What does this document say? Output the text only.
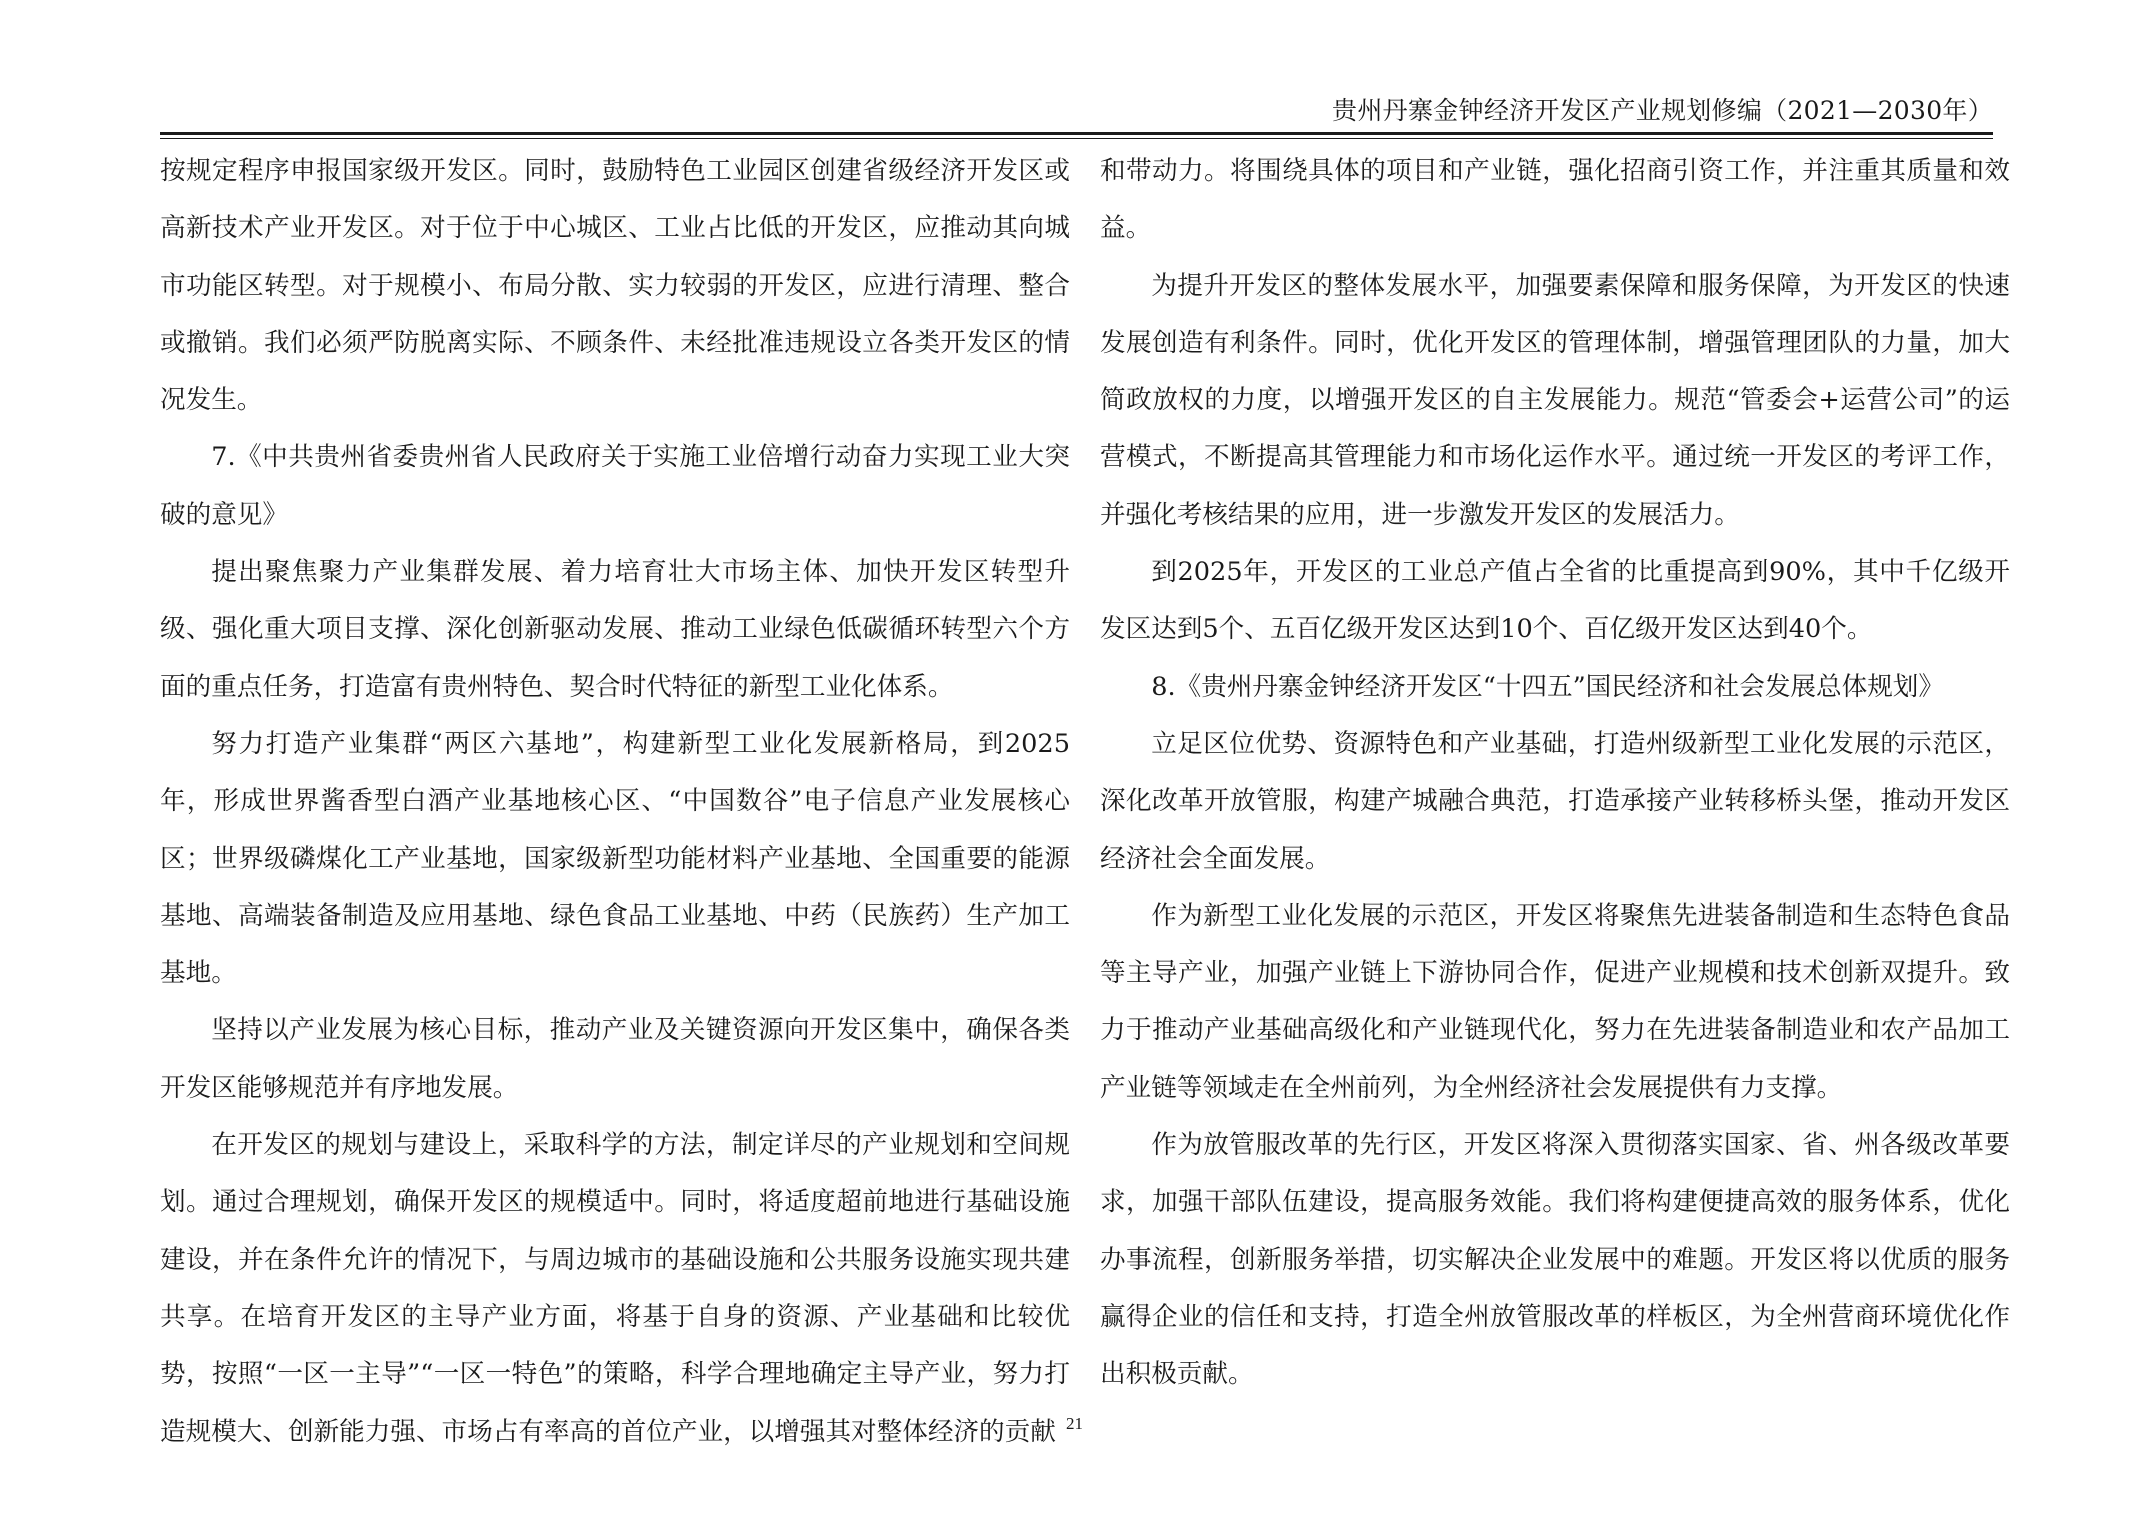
贵州丹寨金钟经济开发区产业规划修编（2021—2030年）

按规定程序申报国家级开发区。同时，鼓励特色工业园区创建省级经济开发区或高新技术产业开发区。对于位于中心城区、工业占比低的开发区，应推动其向城市功能区转型。对于规模小、布局分散、实力较弱的开发区，应进行清理、整合或撤销。我们必须严防脱离实际、不顾条件、未经批准违规设立各类开发区的情况发生。

7.《中共贵州省委贵州省人民政府关于实施工业倍增行动奋力实现工业大突破的意见》

提出聚焦聚力产业集群发展、着力培育壮大市场主体、加快开发区转型升级、强化重大项目支撑、深化创新驱动发展、推动工业绿色低碳循环转型六个方面的重点任务，打造富有贵州特色、契合时代特征的新型工业化体系。

努力打造产业集群“两区六基地”，构建新型工业化发展新格局，到2025年，形成世界酱香型白酒产业基地核心区、“中国数谷”电子信息产业发展核心区；世界级磷煤化工产业基地，国家级新型功能材料产业基地、全国重要的能源基地、高端装备制造及应用基地、绿色食品工业基地、中药（民族药）生产加工基地。

坚持以产业发展为核心目标，推动产业及关键资源向开发区集中，确保各类开发区能够规范并有序地发展。

在开发区的规划与建设上，采取科学的方法，制定详尽的产业规划和空间规划。通过合理规划，确保开发区的规模适中。同时，将适度超前地进行基础设施建设，并在条件允许的情况下，与周边城市的基础设施和公共服务设施实现共建共享。在培育开发区的主导产业方面，将基于自身的资源、产业基础和比较优势，按照“一区一主导”“一区一特色”的策略，科学合理地确定主导产业，努力打造规模大、创新能力强、市场占有率高的首位产业，以增强其对整体经济的贡献

和带动力。将围绕具体的项目和产业链，强化招商引资工作，并注重其质量和效益。

为提升开发区的整体发展水平，加强要素保障和服务保障，为开发区的快速发展创造有利条件。同时，优化开发区的管理体制，增强管理团队的力量，加大简政放权的力度，以增强开发区的自主发展能力。规范“管委会+运营公司”的运营模式，不断提高其管理能力和市场化运作水平。通过统一开发区的考评工作，并强化考核结果的应用，进一步激发开发区的发展活力。

到2025年，开发区的工业总产值占全省的比重提高到90%，其中千亿级开发区达到5个、五百亿级开发区达到10个、百亿级开发区达到40个。

8.《贵州丹寨金钟经济开发区“十四五”国民经济和社会发展总体规划》

立足区位优势、资源特色和产业基础，打造州级新型工业化发展的示范区，深化改革开放管服，构建产城融合典范，打造承接产业转移桥头堡，推动开发区经济社会全面发展。

作为新型工业化发展的示范区，开发区将聚焦先进装备制造和生态特色食品等主导产业，加强产业链上下游协同合作，促进产业规模和技术创新双提升。致力于推动产业基础高级化和产业链现代化，努力在先进装备制造业和农产品加工产业链等领域走在全州前列，为全州经济社会发展提供有力支撑。

作为放管服改革的先行区，开发区将深入贯彻落实国家、省、州各级改革要求，加强干部队伍建设，提高服务效能。我们将构建便捷高效的服务体系，优化办事流程，创新服务举措，切实解决企业发展中的难题。开发区将以优质的服务赢得企业的信任和支持，打造全州放管服改革的样板区，为全州营商环境优化作出积极贡献。

21
